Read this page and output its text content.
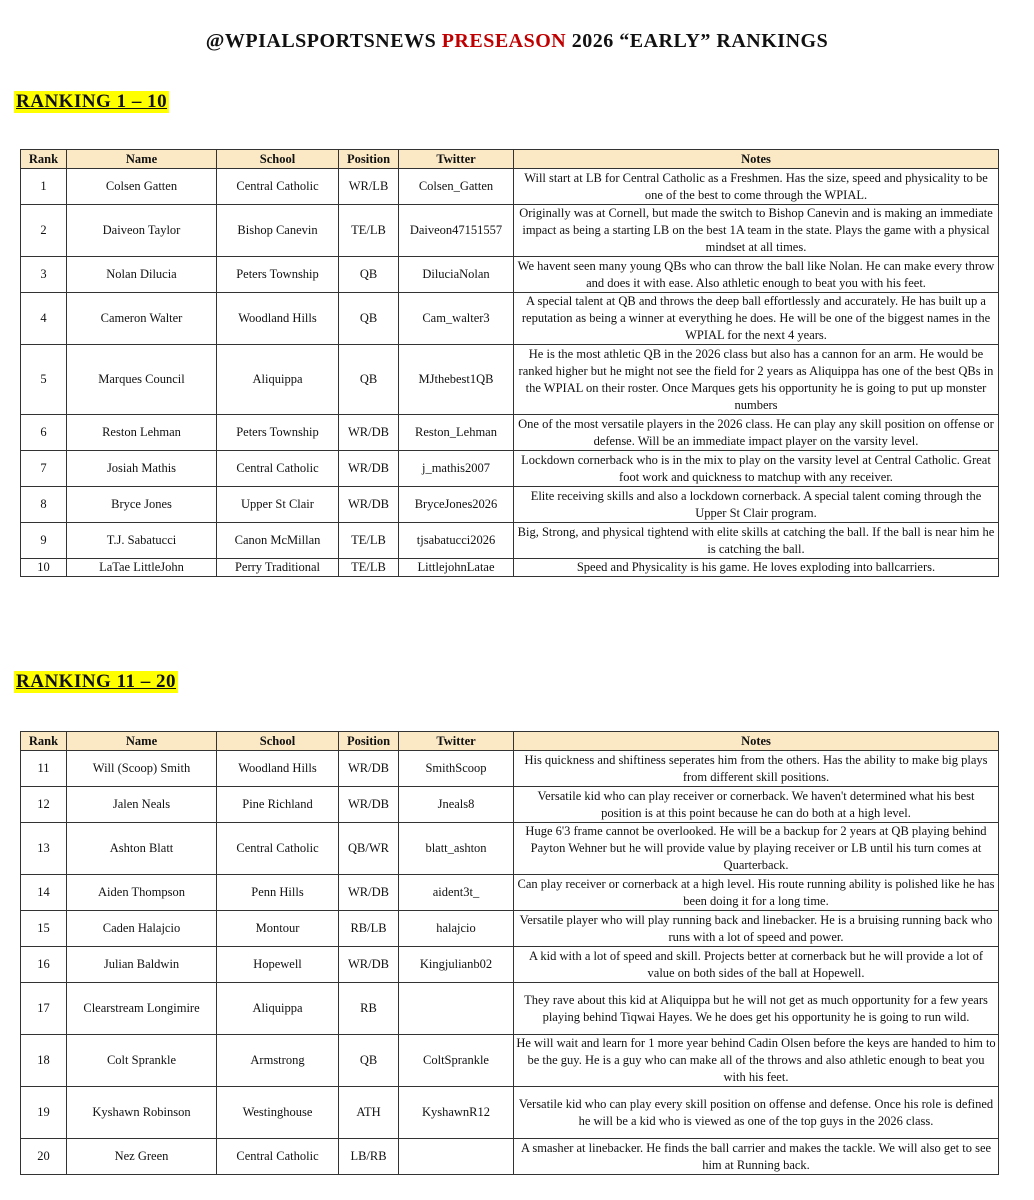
@WPIALSPORTSNEWS PRESEASON 2026 “EARLY” RANKINGS
RANKING 1 – 10
Rank	Name	School	Position	Twitter	Notes
1	Colsen Gatten	Central Catholic	WR/LB	Colsen_Gatten	Will start at LB for Central Catholic as a Freshmen. Has the size, speed and physicality to be one of the best to come through the WPIAL.
2	Daiveon Taylor	Bishop Canevin	TE/LB	Daiveon47151557	Originally was at Cornell, but made the switch to Bishop Canevin and is making an immediate impact as being a starting LB on the best 1A team in the state. Plays the game with a physical mindset at all times.
3	Nolan Dilucia	Peters Township	QB	DiluciaNolan	We havent seen many young QBs who can throw the ball like Nolan. He can make every throw and does it with ease. Also athletic enough to beat you with his feet.
4	Cameron Walter	Woodland Hills	QB	Cam_walter3	A special talent at QB and throws the deep ball effortlessly and accurately. He has built up a reputation as being a winner at everything he does. He will be one of the biggest names in the WPIAL for the next 4 years.
5	Marques Council	Aliquippa	QB	MJthebest1QB	He is the most athletic QB in the 2026 class but also has a cannon for an arm. He would be ranked higher but he might not see the field for 2 years as Aliquippa has one of the best QBs in the WPIAL on their roster. Once Marques gets his opportunity he is going to put up monster numbers
6	Reston Lehman	Peters Township	WR/DB	Reston_Lehman	One of the most versatile players in the 2026 class. He can play any skill position on offense or defense. Will be an immediate impact player on the varsity level.
7	Josiah Mathis	Central Catholic	WR/DB	j_mathis2007	Lockdown cornerback who is in the mix to play on the varsity level at Central Catholic. Great foot work and quickness to matchup with any receiver.
8	Bryce Jones	Upper St Clair	WR/DB	BryceJones2026	Elite receiving skills and also a lockdown cornerback. A special talent coming through the Upper St Clair program.
9	T.J. Sabatucci	Canon McMillan	TE/LB	tjsabatucci2026	Big, Strong, and physical tightend with elite skills at catching the ball. If the ball is near him he is catching the ball.
10	LaTae LittleJohn	Perry Traditional	TE/LB	LittlejohnLatae	Speed and Physicality is his game. He loves exploding into ballcarriers.
RANKING 11 – 20
Rank	Name	School	Position	Twitter	Notes
11	Will (Scoop) Smith	Woodland Hills	WR/DB	SmithScoop	His quickness and shiftiness seperates him from the others. Has the ability to make big plays from different skill positions.
12	Jalen Neals	Pine Richland	WR/DB	Jneals8	Versatile kid who can play receiver or cornerback. We haven't determined what his best position is at this point because he can do both at a high level.
13	Ashton Blatt	Central Catholic	QB/WR	blatt_ashton	Huge 6'3 frame cannot be overlooked. He will be a backup for 2 years at QB playing behind Payton Wehner but he will provide value by playing receiver or LB until his turn comes at Quarterback.
14	Aiden Thompson	Penn Hills	WR/DB	aident3t_	Can play receiver or cornerback at a high level. His route running ability is polished like he has been doing it for a long time.
15	Caden Halajcio	Montour	RB/LB	halajcio	Versatile player who will play running back and linebacker. He is a bruising running back who runs with a lot of speed and power.
16	Julian Baldwin	Hopewell	WR/DB	Kingjulianb02	A kid with a lot of speed and skill. Projects better at cornerback but he will provide a lot of value on both sides of the ball at Hopewell.
17	Clearstream Longimire	Aliquippa	RB		They rave about this kid at Aliquippa but he will not get as much opportunity for a few years playing behind Tiqwai Hayes. We he does get his opportunity he is going to run wild.
18	Colt Sprankle	Armstrong	QB	ColtSprankle	He will wait and learn for 1 more year behind Cadin Olsen before the keys are handed to him to be the guy. He is a guy who can make all of the throws and also athletic enough to beat you with his feet.
19	Kyshawn Robinson	Westinghouse	ATH	KyshawnR12	Versatile kid who can play every skill position on offense and defense. Once his role is defined he will be a kid who is viewed as one of the top guys in the 2026 class.
20	Nez Green	Central Catholic	LB/RB		A smasher at linebacker. He finds the ball carrier and makes the tackle. We will also get to see him at Running back.
